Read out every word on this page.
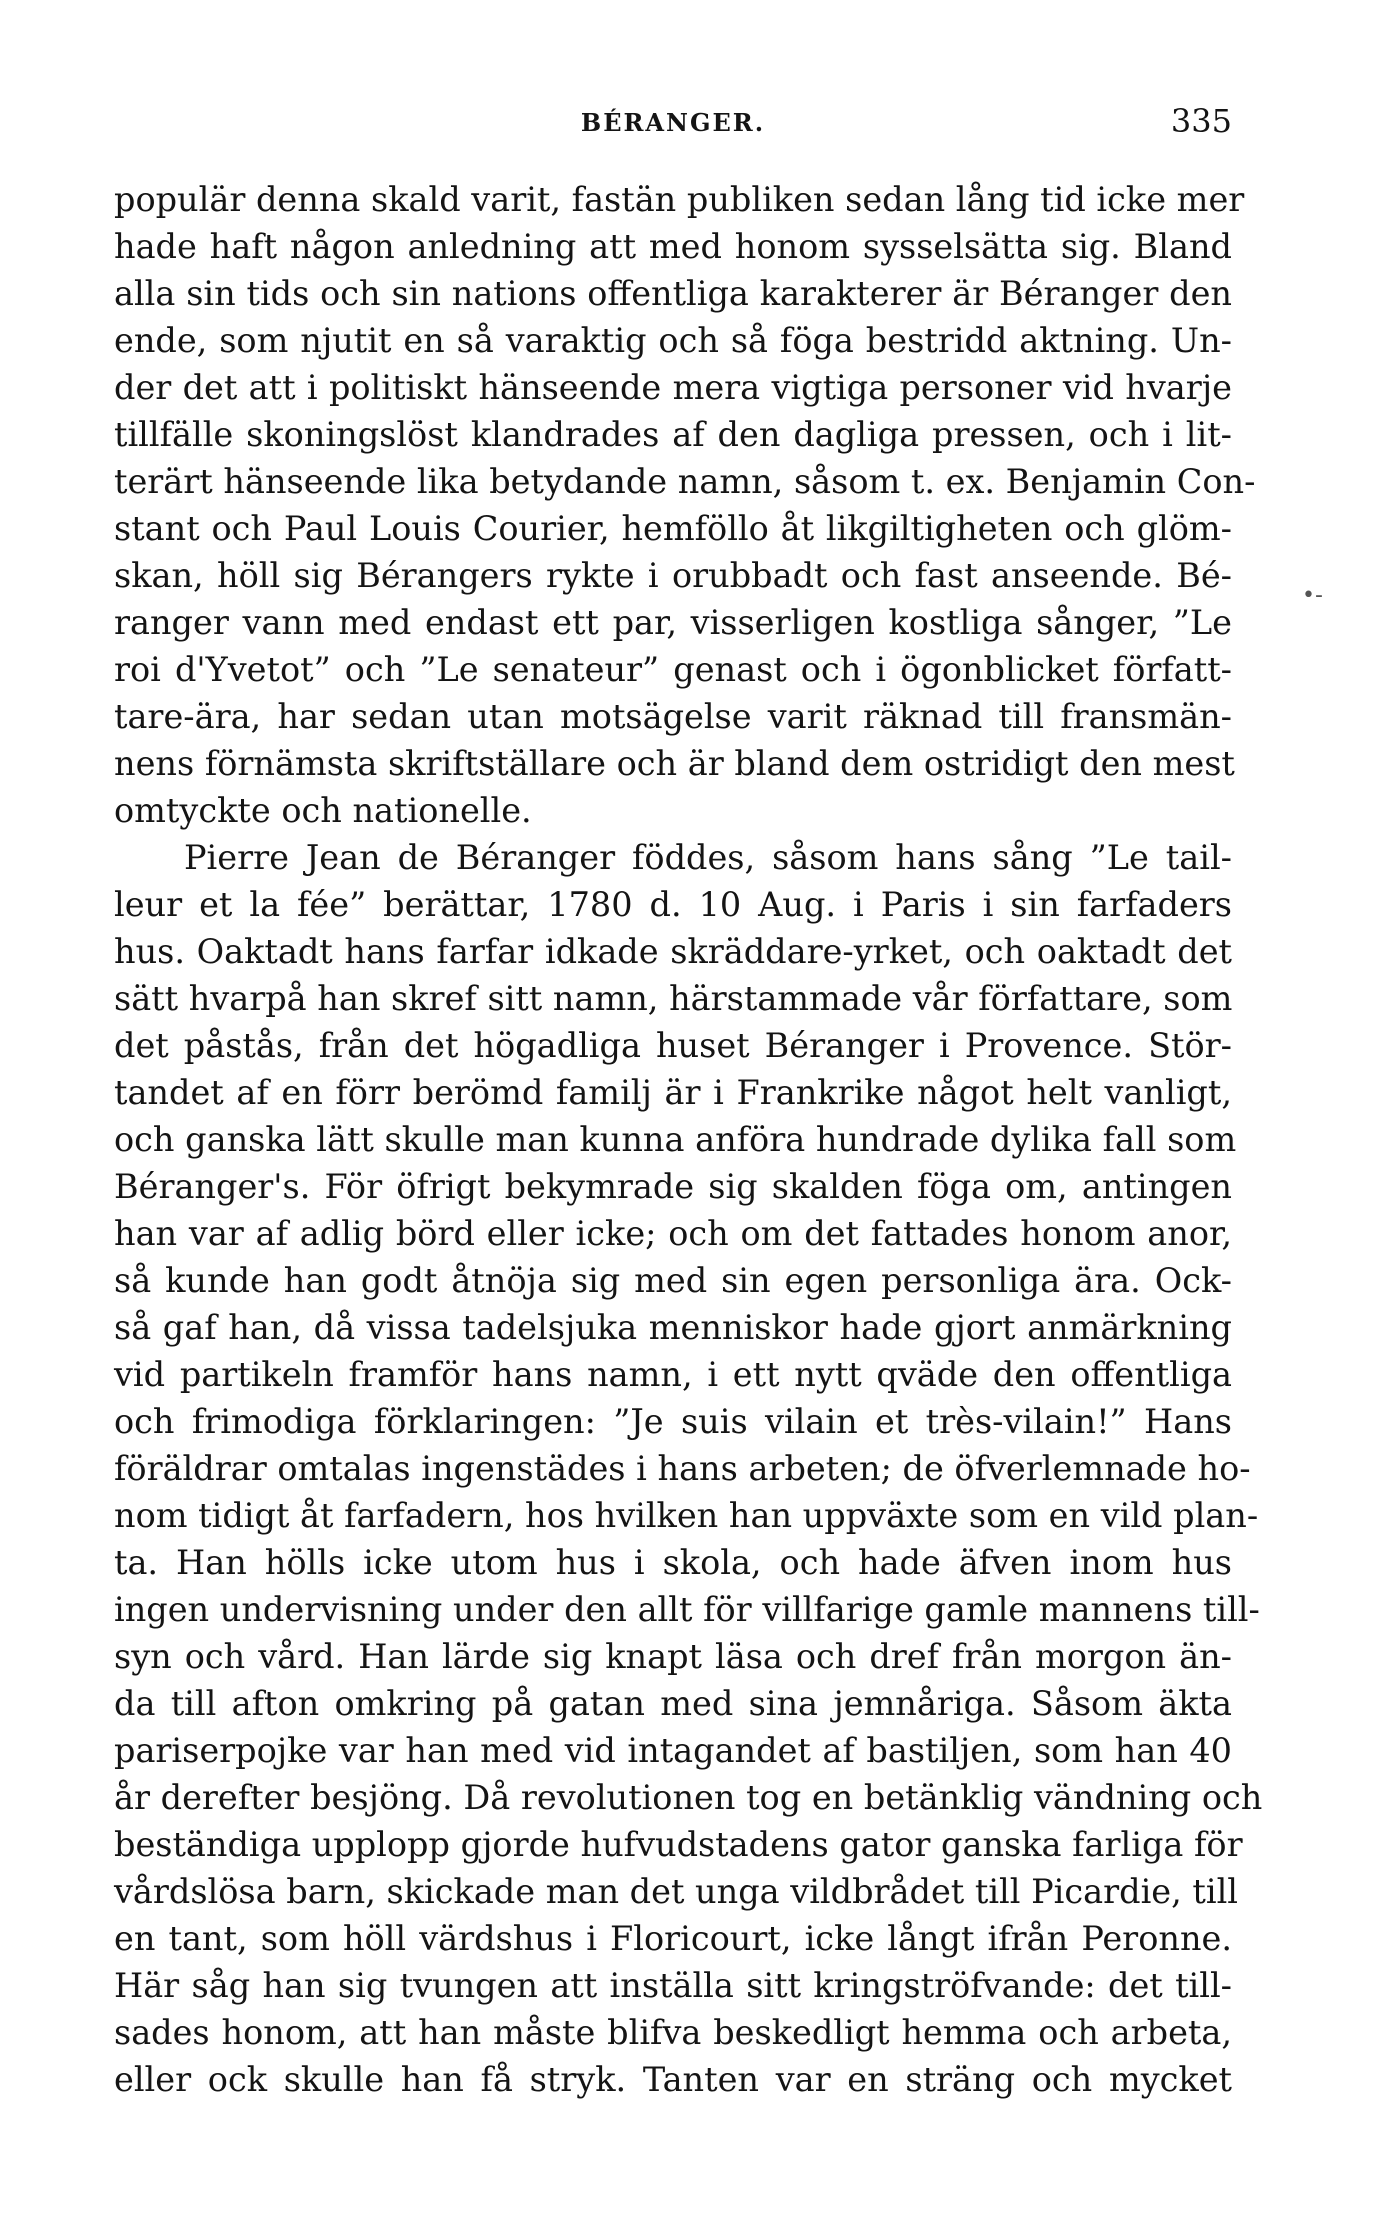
BÉRANGER.	335
populär denna skald varit, fastän publiken sedan lång tid icke mer
hade haft någon anledning att med honom sysselsätta sig. Bland
alla sin tids och sin nations offentliga karakterer är Béranger den
ende, som njutit en så varaktig och så föga bestridd aktning. Un-
der det att i politiskt hänseende mera vigtiga personer vid hvarje
tillfälle skoningslöst klandrades af den dagliga pressen, och i lit-
terärt hänseende lika betydande namn, såsom t. ex. Benjamin Con-
stant och Paul Louis Courier, hemföllo åt likgiltigheten och glöm-
skan, höll sig Bérangers rykte i orubbadt och fast anseende. Bé-
ranger vann med endast ett par, visserligen kostliga sånger, ”Le
roi d'Yvetot” och ”Le senateur” genast och i ögonblicket författ-
tare-ära, har sedan utan motsägelse varit räknad till fransmän-
nens förnämsta skriftställare och är bland dem ostridigt den mest
omtyckte och nationelle.
Pierre Jean de Béranger föddes, såsom hans sång ”Le tail-
leur et la fée” berättar, 1780 d. 10 Aug. i Paris i sin farfaders
hus. Oaktadt hans farfar idkade skräddare-yrket, och oaktadt det
sätt hvarpå han skref sitt namn, härstammade vår författare, som
det påstås, från det högadliga huset Béranger i Provence. Stör-
tandet af en förr berömd familj är i Frankrike något helt vanligt,
och ganska lätt skulle man kunna anföra hundrade dylika fall som
Béranger's. För öfrigt bekymrade sig skalden föga om, antingen
han var af adlig börd eller icke; och om det fattades honom anor,
så kunde han godt åtnöja sig med sin egen personliga ära. Ock-
så gaf han, då vissa tadelsjuka menniskor hade gjort anmärkning
vid partikeln framför hans namn, i ett nytt qväde den offentliga
och frimodiga förklaringen: ”Je suis vilain et très-vilain!” Hans
föräldrar omtalas ingenstädes i hans arbeten; de öfverlemnade ho-
nom tidigt åt farfadern, hos hvilken han uppväxte som en vild plan-
ta. Han hölls icke utom hus i skola, och hade äfven inom hus
ingen undervisning under den allt för villfarige gamle mannens till-
syn och vård. Han lärde sig knapt läsa och dref från morgon än-
da till afton omkring på gatan med sina jemnåriga. Såsom äkta
pariserpojke var han med vid intagandet af bastiljen, som han 40
år derefter besjöng. Då revolutionen tog en betänklig vändning och
beständiga upplopp gjorde hufvudstadens gator ganska farliga för
vårdslösa barn, skickade man det unga vildbrådet till Picardie, till
en tant, som höll värdshus i Floricourt, icke långt ifrån Peronne.
Här såg han sig tvungen att inställa sitt kringströfvande: det till-
sades honom, att han måste blifva beskedligt hemma och arbeta,
eller ock skulle han få stryk. Tanten var en sträng och mycket
•-
